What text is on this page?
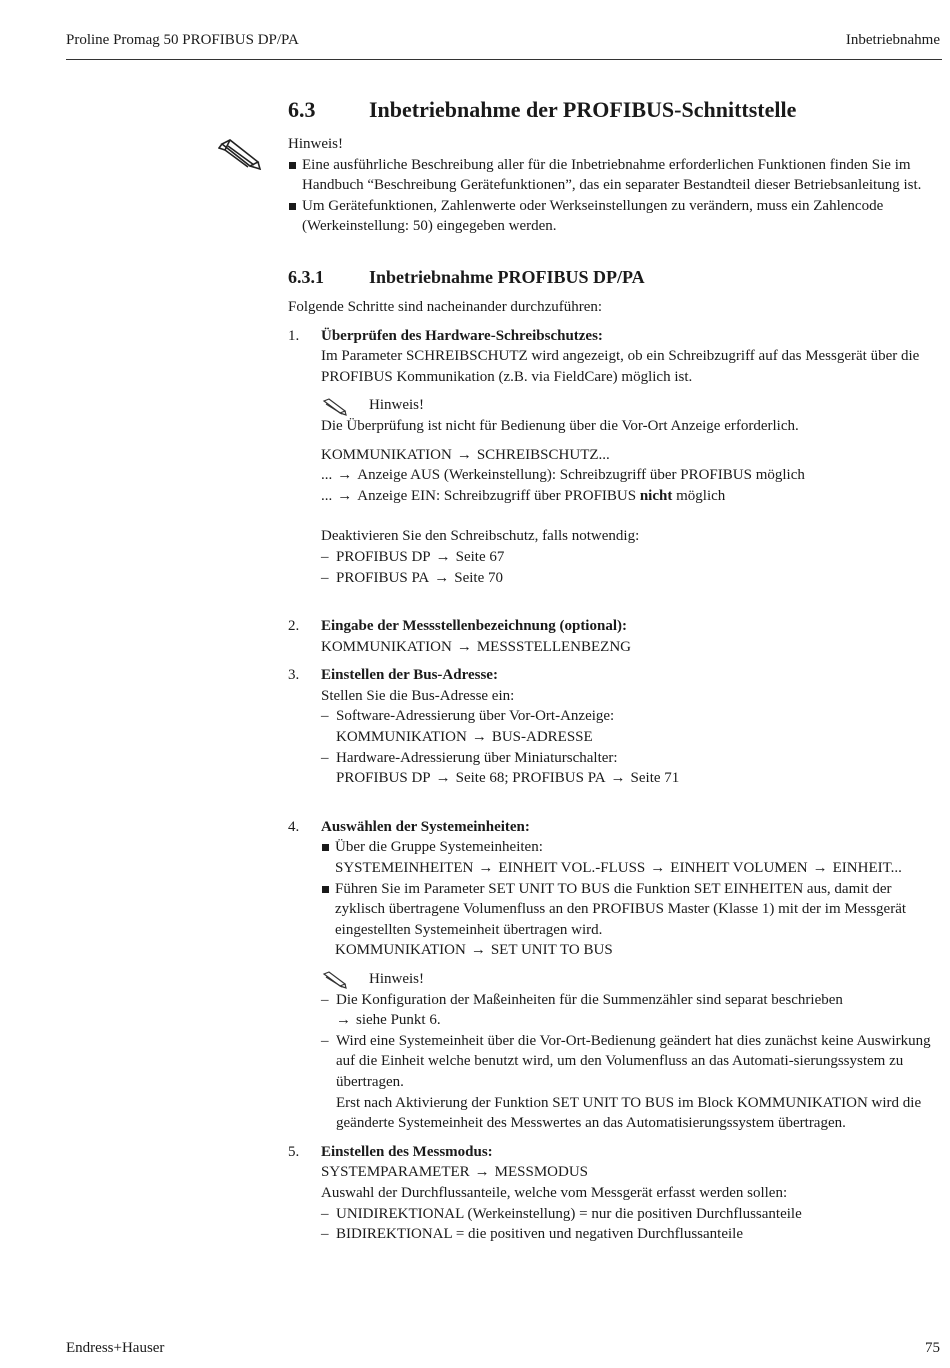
Proline Promag 50 PROFIBUS DP/PA	Inbetriebnahme
6.3	Inbetriebnahme der PROFIBUS-Schnittstelle

Hinweis!

Eine ausführliche Beschreibung aller für die Inbetriebnahme erforderlichen Funktionen finden Sie im Handbuch “Beschreibung Gerätefunktionen”, das ein separater Bestandteil dieser Betriebsanleitung ist.
Um Gerätefunktionen, Zahlenwerte oder Werkseinstellungen zu verändern, muss ein Zahlencode (Werkeinstellung: 50) eingegeben werden.
6.3.1	Inbetriebnahme PROFIBUS DP/PA

Folgende Schritte sind nacheinander durchzuführen:

1.	Überprüfen des Hardware-Schreibschutzes:

Im Parameter SCHREIBSCHUTZ wird angezeigt, ob ein Schreibzugriff auf das Messgerät über die PROFIBUS Kommunikation (z.B. via FieldCare) möglich ist.

Hinweis!

Die Überprüfung ist nicht für Bedienung über die Vor-Ort Anzeige erforderlich.

KOMMUNIKATION → SCHREIBSCHUTZ...

... → Anzeige AUS (Werkeinstellung): Schreibzugriff über PROFIBUS möglich

... → Anzeige EIN: Schreibzugriff über PROFIBUS nicht möglich

Deaktivieren Sie den Schreibschutz, falls notwendig:

– PROFIBUS DP → Seite 67
– PROFIBUS PA → Seite 70
2.	Eingabe der Messstellenbezeichnung (optional):

KOMMUNIKATION → MESSSTELLENBEZNG

3.	Einstellen der Bus-Adresse:

Stellen Sie die Bus-Adresse ein:

– Software-Adressierung über Vor-Ort-Anzeige:
KOMMUNIKATION → BUS-ADRESSE
– Hardware-Adressierung über Miniaturschalter:
PROFIBUS DP → Seite 68; PROFIBUS PA → Seite 71
4.	Auswählen der Systemeinheiten:

Über die Gruppe Systemeinheiten:
SYSTEMEINHEITEN → EINHEIT VOL.-FLUSS → EINHEIT VOLUMEN → EINHEIT...
Führen Sie im Parameter SET UNIT TO BUS die Funktion SET EINHEITEN aus, damit der zyklisch übertragene Volumenfluss an den PROFIBUS Master (Klasse 1) mit der im Messgerät eingestellten Systemeinheit übertragen wird.
KOMMUNIKATION → SET UNIT TO BUS
Hinweis!
– Die Konfiguration der Maßeinheiten für die Summenzähler sind separat beschrieben
→ siehe Punkt 6.
– Wird eine Systemeinheit über die Vor-Ort-Bedienung geändert hat dies zunächst keine Auswirkung auf die Einheit welche benutzt wird, um den Volumenfluss an das Automati-sierungssystem zu übertragen.
Erst nach Aktivierung der Funktion SET UNIT TO BUS im Block KOMMUNIKATION wird die geänderte Systemeinheit des Messwertes an das Automatisierungssystem übertragen.
5.	Einstellen des Messmodus:

SYSTEMPARAMETER → MESSMODUS

Auswahl der Durchflussanteile, welche vom Messgerät erfasst werden sollen:

– UNIDIREKTIONAL (Werkeinstellung) = nur die positiven Durchflussanteile
– BIDIREKTIONAL = die positiven und negativen Durchflussanteile
Endress+Hauser	75
